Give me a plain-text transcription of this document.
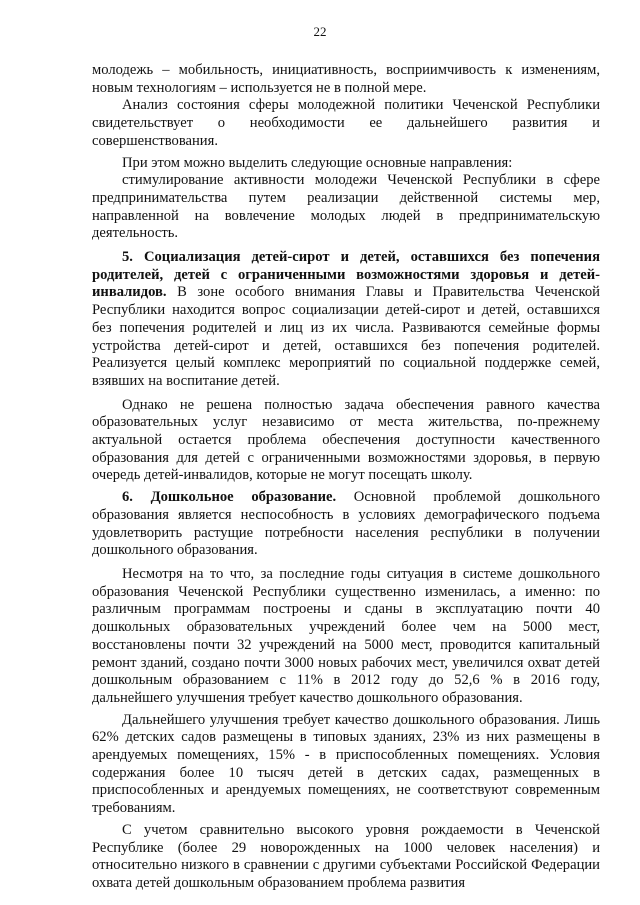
22

молодежь – мобильность, инициативность, восприимчивость к изменениям, новым технологиям – используется не в полной мере.

Анализ состояния сферы молодежной политики Чеченской Республики свидетельствует о необходимости ее дальнейшего развития и совершенствования.

При этом можно выделить следующие основные направления:

стимулирование активности молодежи Чеченской Республики в сфере предпринимательства путем реализации действенной системы мер, направленной на вовлечение молодых людей в предпринимательскую деятельность.

5. Социализация детей-сирот и детей, оставшихся без попечения родителей, детей с ограниченными возможностями здоровья и детей-инвалидов. В зоне особого внимания Главы и Правительства Чеченской Республики находится вопрос социализации детей-сирот и детей, оставшихся без попечения родителей и лиц из их числа. Развиваются семейные формы устройства детей-сирот и детей, оставшихся без попечения родителей. Реализуется целый комплекс мероприятий по социальной поддержке семей, взявших на воспитание детей.

Однако не решена полностью задача обеспечения равного качества образовательных услуг независимо от места жительства, по-прежнему актуальной остается проблема обеспечения доступности качественного образования для детей с ограниченными возможностями здоровья, в первую очередь детей-инвалидов, которые не могут посещать школу.

6. Дошкольное образование. Основной проблемой дошкольного образования является неспособность в условиях демографического подъема удовлетворить растущие потребности населения республики в получении дошкольного образования.

Несмотря на то что, за последние годы ситуация в системе дошкольного образования Чеченской Республики существенно изменилась, а именно: по различным программам построены и сданы в эксплуатацию почти 40 дошкольных образовательных учреждений более чем на 5000 мест, восстановлены почти 32 учреждений на 5000 мест, проводится капитальный ремонт зданий, создано почти 3000 новых рабочих мест, увеличился охват детей дошкольным образованием с 11% в 2012 году до 52,6 % в 2016 году, дальнейшего улучшения требует качество дошкольного образования.

Дальнейшего улучшения требует качество дошкольного образования. Лишь 62% детских садов размещены в типовых зданиях, 23% из них размещены в арендуемых помещениях, 15% - в приспособленных помещениях. Условия содержания более 10 тысяч детей в детских садах, размещенных в приспособленных и арендуемых помещениях, не соответствуют современным требованиям.

С учетом сравнительно высокого уровня рождаемости в Чеченской Республике (более 29 новорожденных на 1000 человек населения) и относительно низкого в сравнении с другими субъектами Российской Федерации охвата детей дошкольным образованием проблема развития
